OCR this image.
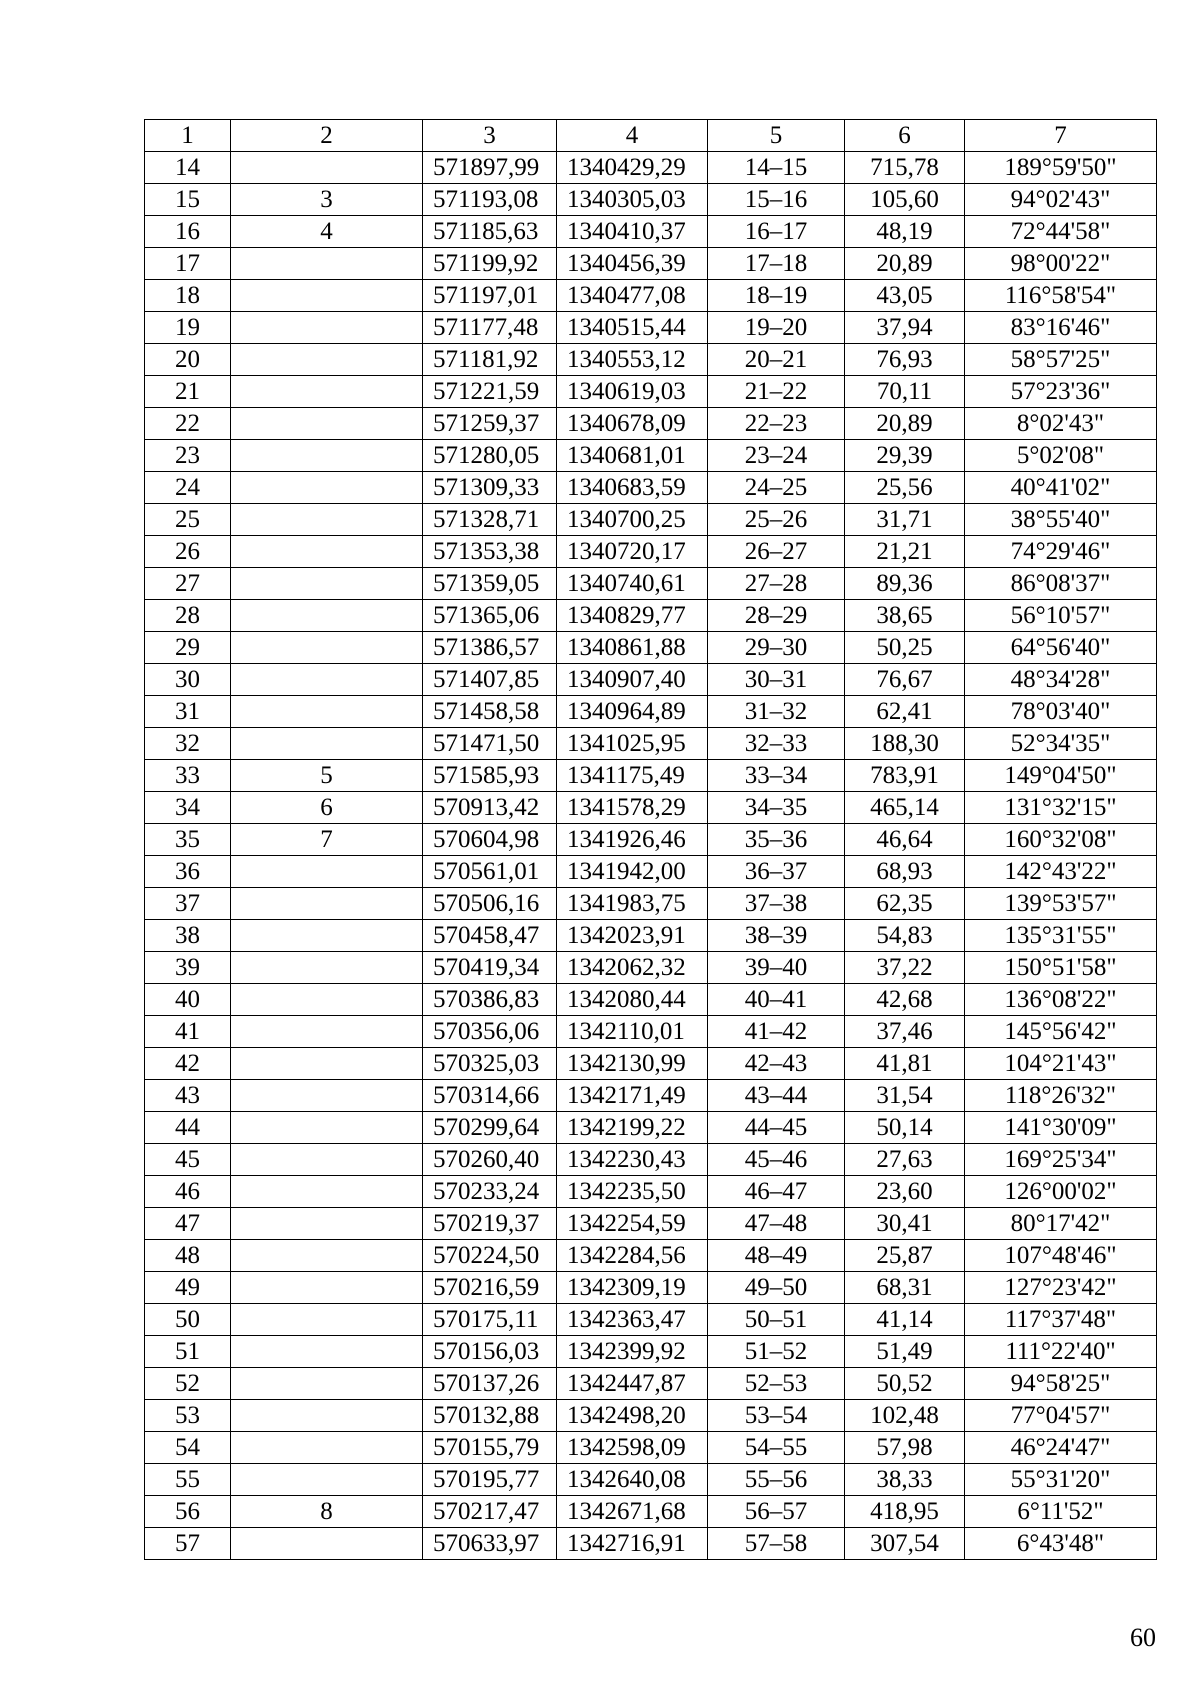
1	2	3	4	5	6	7
14		571897,99	1340429,29	14–15	715,78	189°59'50"
15	3	571193,08	1340305,03	15–16	105,60	94°02'43"
16	4	571185,63	1340410,37	16–17	48,19	72°44'58"
17		571199,92	1340456,39	17–18	20,89	98°00'22"
18		571197,01	1340477,08	18–19	43,05	116°58'54"
19		571177,48	1340515,44	19–20	37,94	83°16'46"
20		571181,92	1340553,12	20–21	76,93	58°57'25"
21		571221,59	1340619,03	21–22	70,11	57°23'36"
22		571259,37	1340678,09	22–23	20,89	8°02'43"
23		571280,05	1340681,01	23–24	29,39	5°02'08"
24		571309,33	1340683,59	24–25	25,56	40°41'02"
25		571328,71	1340700,25	25–26	31,71	38°55'40"
26		571353,38	1340720,17	26–27	21,21	74°29'46"
27		571359,05	1340740,61	27–28	89,36	86°08'37"
28		571365,06	1340829,77	28–29	38,65	56°10'57"
29		571386,57	1340861,88	29–30	50,25	64°56'40"
30		571407,85	1340907,40	30–31	76,67	48°34'28"
31		571458,58	1340964,89	31–32	62,41	78°03'40"
32		571471,50	1341025,95	32–33	188,30	52°34'35"
33	5	571585,93	1341175,49	33–34	783,91	149°04'50"
34	6	570913,42	1341578,29	34–35	465,14	131°32'15"
35	7	570604,98	1341926,46	35–36	46,64	160°32'08"
36		570561,01	1341942,00	36–37	68,93	142°43'22"
37		570506,16	1341983,75	37–38	62,35	139°53'57"
38		570458,47	1342023,91	38–39	54,83	135°31'55"
39		570419,34	1342062,32	39–40	37,22	150°51'58"
40		570386,83	1342080,44	40–41	42,68	136°08'22"
41		570356,06	1342110,01	41–42	37,46	145°56'42"
42		570325,03	1342130,99	42–43	41,81	104°21'43"
43		570314,66	1342171,49	43–44	31,54	118°26'32"
44		570299,64	1342199,22	44–45	50,14	141°30'09"
45		570260,40	1342230,43	45–46	27,63	169°25'34"
46		570233,24	1342235,50	46–47	23,60	126°00'02"
47		570219,37	1342254,59	47–48	30,41	80°17'42"
48		570224,50	1342284,56	48–49	25,87	107°48'46"
49		570216,59	1342309,19	49–50	68,31	127°23'42"
50		570175,11	1342363,47	50–51	41,14	117°37'48"
51		570156,03	1342399,92	51–52	51,49	111°22'40"
52		570137,26	1342447,87	52–53	50,52	94°58'25"
53		570132,88	1342498,20	53–54	102,48	77°04'57"
54		570155,79	1342598,09	54–55	57,98	46°24'47"
55		570195,77	1342640,08	55–56	38,33	55°31'20"
56	8	570217,47	1342671,68	56–57	418,95	6°11'52"
57		570633,97	1342716,91	57–58	307,54	6°43'48"
60
